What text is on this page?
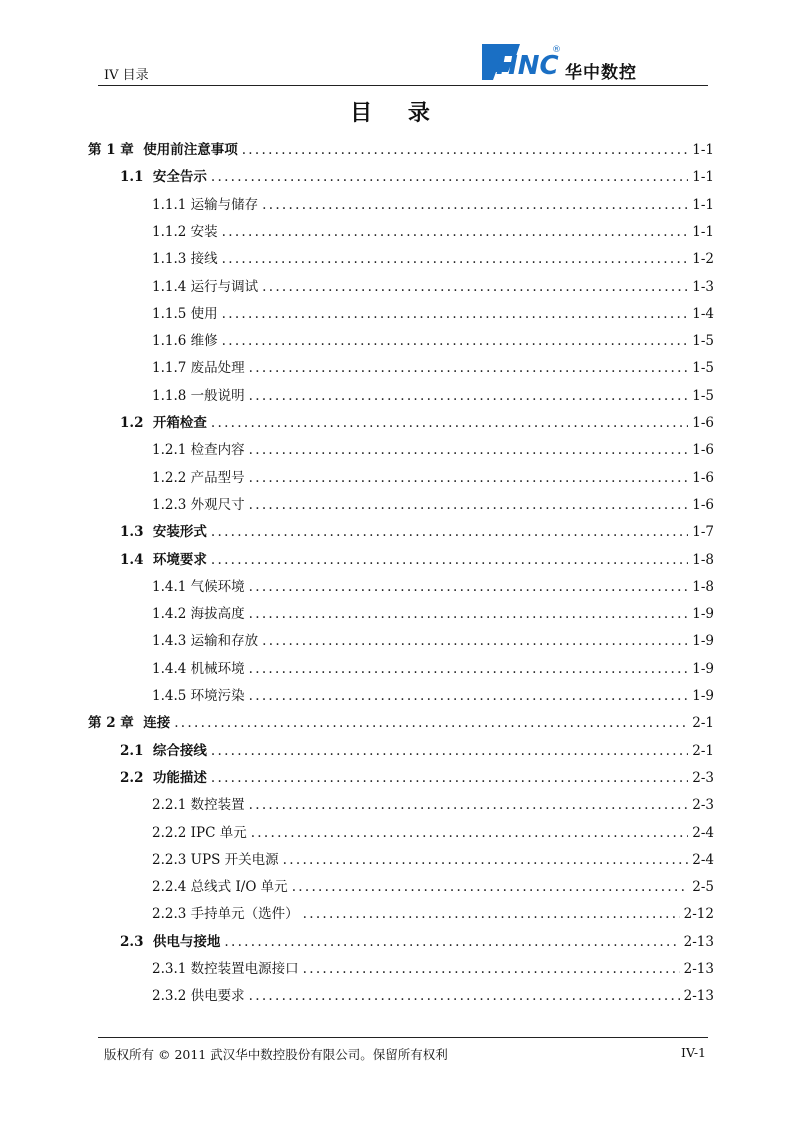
IV 目录	HNC
®
华中数控
目 录
第 1 章 使用前注意事项 .....	1-1
1.1 安全告示 .....	1-1
1.1.1 运输与储存 .....	1-1
1.1.2 安装 .....	1-1
1.1.3 接线 .....	1-2
1.1.4 运行与调试 .....	1-3
1.1.5 使用 .....	1-4
1.1.6 维修 .....	1-5
1.1.7 废品处理 .....	1-5
1.1.8 一般说明 .....	1-5
1.2 开箱检查 .....	1-6
1.2.1 检查内容 .....	1-6
1.2.2 产品型号 .....	1-6
1.2.3 外观尺寸 .....	1-6
1.3 安装形式 .....	1-7
1.4 环境要求 .....	1-8
1.4.1 气候环境 .....	1-8
1.4.2 海拔高度 .....	1-9
1.4.3 运输和存放 .....	1-9
1.4.4 机械环境 .....	1-9
1.4.5 环境污染 .....	1-9
第 2 章 连接 .....	2-1
2.1 综合接线 .....	2-1
2.2 功能描述 .....	2-3
2.2.1 数控装置 .....	2-3
2.2.2 IPC 单元 .....	2-4
2.2.3 UPS 开关电源 .....	2-4
2.2.4 总线式 I/O 单元 .....	2-5
2.2.3 手持单元（选件） .....	2-12
2.3 供电与接地 .....	2-13
2.3.1 数控装置电源接口 .....	2-13
2.3.2 供电要求 .....	2-13
版权所有 © 2011 武汉华中数控股份有限公司。保留所有权利	IV-1
